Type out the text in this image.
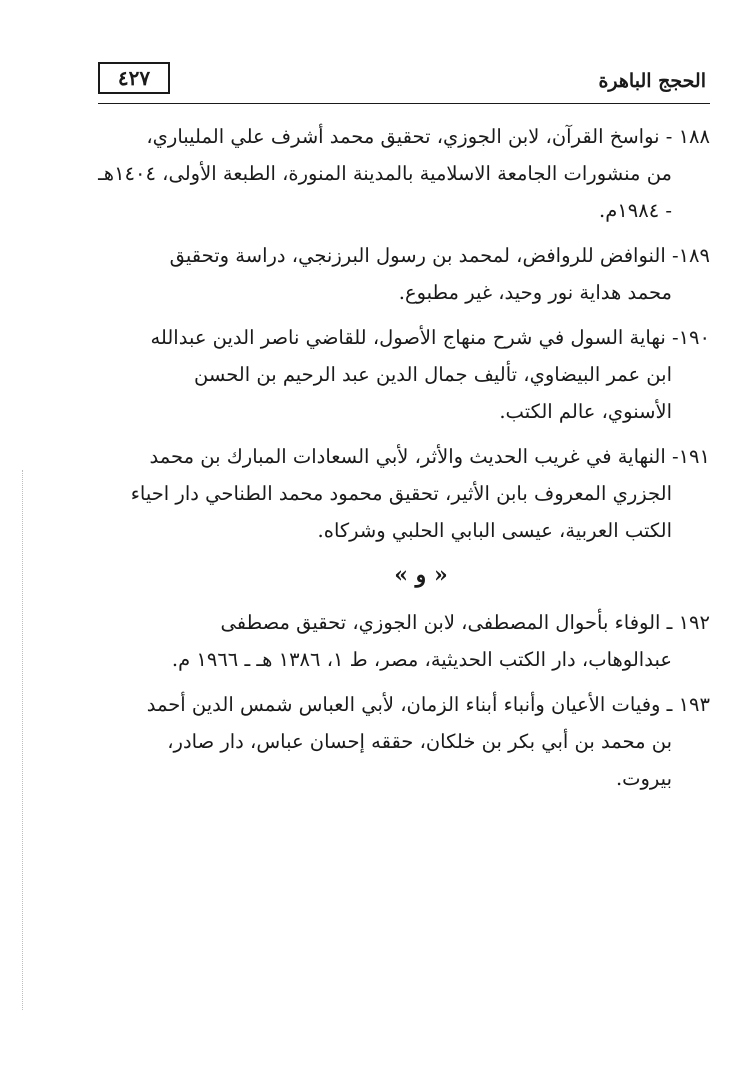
٤٢٧	الحجج الباهرة
١٨٨ - نواسخ القرآن، لابن الجوزي، تحقيق محمد أشرف علي المليباري،
من منشورات الجامعة الاسلامية بالمدينة المنورة، الطبعة الأولى، ١٤٠٤هـ
- ١٩٨٤م.
١٨٩- النوافض للروافض، لمحمد بن رسول البرزنجي، دراسة وتحقيق
محمد هداية نور وحيد، غير مطبوع.
١٩٠- نهاية السول في شرح منهاج الأصول، للقاضي ناصر الدين عبدالله
ابن عمر البيضاوي، تأليف جمال الدين عبد الرحيم بن الحسن
الأسنوي، عالم الكتب.
١٩١- النهاية في غريب الحديث والأثر، لأبي السعادات المبارك بن محمد
الجزري المعروف بابن الأثير، تحقيق محمود محمد الطناحي دار احياء
الكتب العربية، عيسى البابي الحلبي وشركاه.
« و »
١٩٢ ـ الوفاء بأحوال المصطفى، لابن الجوزي، تحقيق مصطفى
عبدالوهاب، دار الكتب الحديثية، مصر، ط ١، ١٣٨٦ هـ ـ ١٩٦٦ م.
١٩٣ ـ وفيات الأعيان وأنباء أبناء الزمان، لأبي العباس شمس الدين أحمد
بن محمد بن أبي بكر بن خلكان، حققه إحسان عباس، دار صادر،
بيروت.
